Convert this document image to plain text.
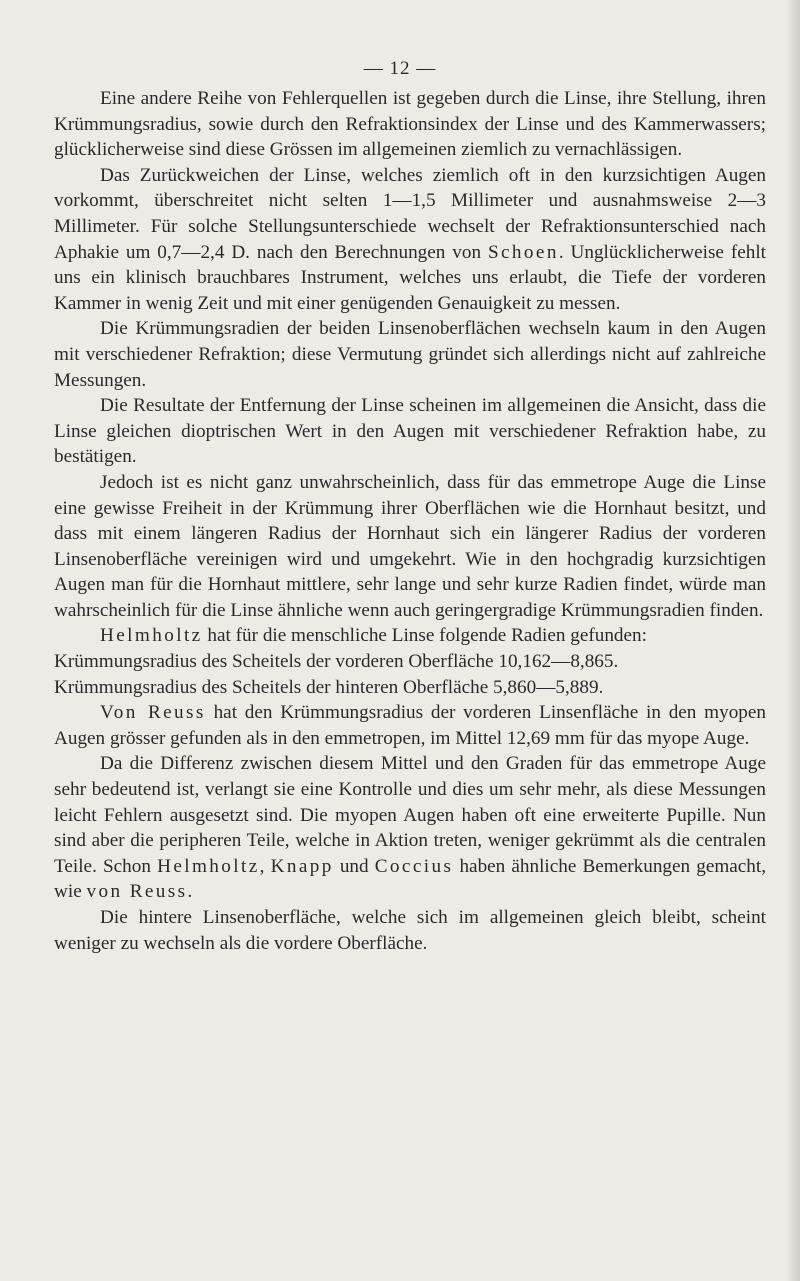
— 12 —

Eine andere Reihe von Fehlerquellen ist gegeben durch die Linse, ihre Stellung, ihren Krümmungsradius, sowie durch den Refraktionsindex der Linse und des Kammerwassers; glücklicherweise sind diese Grössen im allgemeinen ziemlich zu vernachlässigen.

Das Zurückweichen der Linse, welches ziemlich oft in den kurzsichtigen Augen vorkommt, überschreitet nicht selten 1—1,5 Millimeter und ausnahmsweise 2—3 Millimeter. Für solche Stellungsunterschiede wechselt der Refraktionsunterschied nach Aphakie um 0,7—2,4 D. nach den Berechnungen von Schoen. Unglücklicherweise fehlt uns ein klinisch brauchbares Instrument, welches uns erlaubt, die Tiefe der vorderen Kammer in wenig Zeit und mit einer genügenden Genauigkeit zu messen.

Die Krümmungsradien der beiden Linsenoberflächen wechseln kaum in den Augen mit verschiedener Refraktion; diese Vermutung gründet sich allerdings nicht auf zahlreiche Messungen.

Die Resultate der Entfernung der Linse scheinen im allgemeinen die Ansicht, dass die Linse gleichen dioptrischen Wert in den Augen mit verschiedener Refraktion habe, zu bestätigen.

Jedoch ist es nicht ganz unwahrscheinlich, dass für das emmetrope Auge die Linse eine gewisse Freiheit in der Krümmung ihrer Oberflächen wie die Hornhaut besitzt, und dass mit einem längeren Radius der Hornhaut sich ein längerer Radius der vorderen Linsenoberfläche vereinigen wird und umgekehrt. Wie in den hochgradig kurzsichtigen Augen man für die Hornhaut mittlere, sehr lange und sehr kurze Radien findet, würde man wahrscheinlich für die Linse ähnliche wenn auch geringergradige Krümmungsradien finden.

Helmholtz hat für die menschliche Linse folgende Radien gefunden:

Krümmungsradius des Scheitels der vorderen Oberfläche 10,162—8,865.

Krümmungsradius des Scheitels der hinteren Oberfläche 5,860—5,889.

Von Reuss hat den Krümmungsradius der vorderen Linsenfläche in den myopen Augen grösser gefunden als in den emmetropen, im Mittel 12,69 mm für das myope Auge.

Da die Differenz zwischen diesem Mittel und den Graden für das emmetrope Auge sehr bedeutend ist, verlangt sie eine Kontrolle und dies um sehr mehr, als diese Messungen leicht Fehlern ausgesetzt sind. Die myopen Augen haben oft eine erweiterte Pupille. Nun sind aber die peripheren Teile, welche in Aktion treten, weniger gekrümmt als die centralen Teile. Schon Helmholtz, Knapp und Coccius haben ähnliche Bemerkungen gemacht, wie von Reuss.

Die hintere Linsenoberfläche, welche sich im allgemeinen gleich bleibt, scheint weniger zu wechseln als die vordere Oberfläche.
